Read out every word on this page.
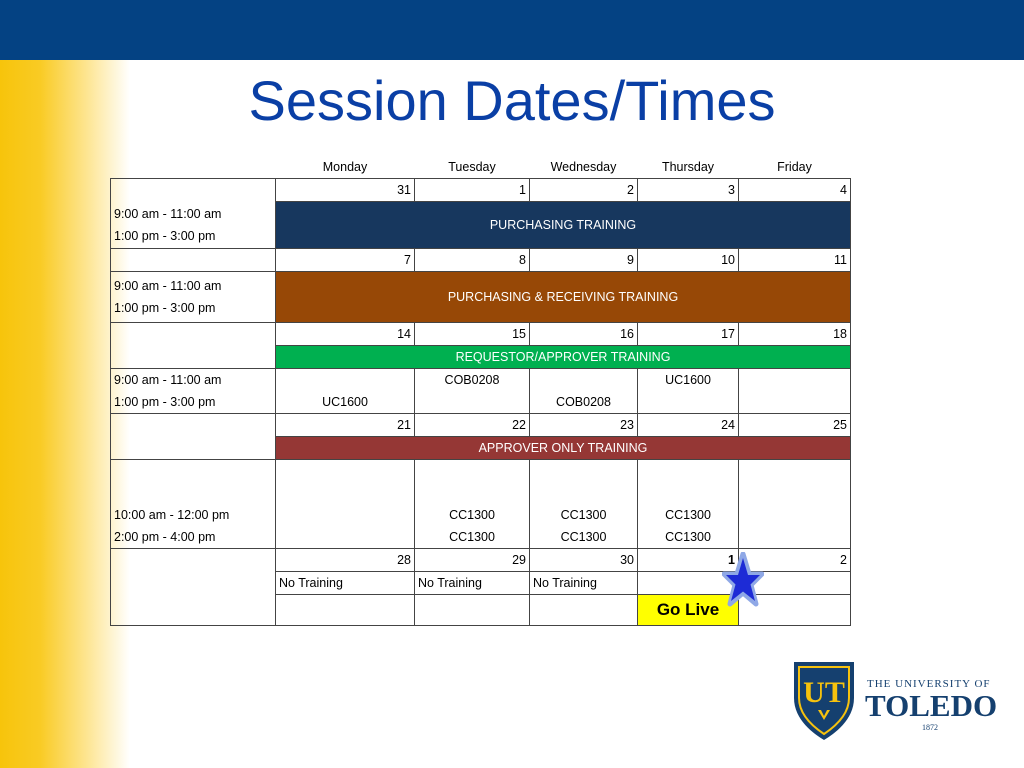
Session Dates/Times
	Monday	Tuesday	Wednesday	Thursday	Friday
	31	1	2	3	4

9:00 am - 11:00 am
1:00 pm - 3:00 pm	PURCHASING TRAINING				
	7	8	9	10	11

9:00 am - 11:00 am
1:00 pm - 3:00 pm	PURCHASING & RECEIVING TRAINING				
	14	15	16	17	18
	REQUESTOR/APPROVER TRAINING				
9:00 am - 11:00 am		COB0208		UC1600	
1:00 pm - 3:00 pm	UC1600		COB0208		
	21	22	23	24	25
	APPROVER ONLY TRAINING				

10:00 am - 12:00 pm		CC1300	CC1300	CC1300	
2:00 pm - 4:00 pm		CC1300	CC1300	CC1300	
	28	29	30	1	2
	No Training	No Training	No Training		
				Go Live	
UT THE UNIVERSITY OF
TOLEDO
1872
